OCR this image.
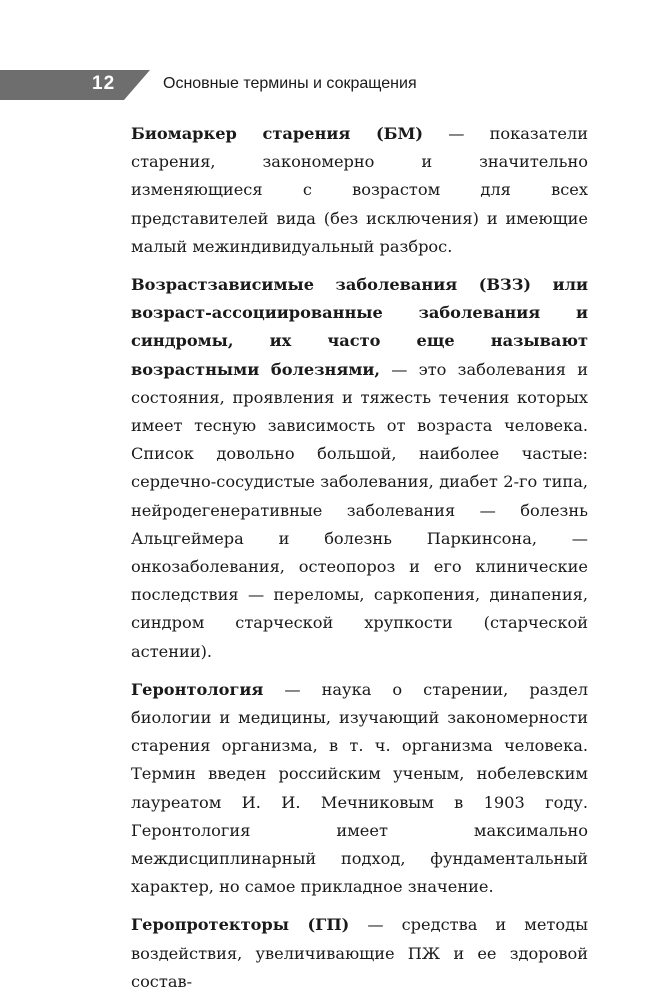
12	Основные термины и сокращения

Биомаркер старения (БМ) — показатели старения, закономерно и значительно изменяющиеся с возрастом для всех представителей вида (без исключения) и имеющие малый межиндивидуальный разброс.

Возрастзависимые заболевания (ВЗЗ) или возраст-ассоциированные заболевания и синдромы, их часто еще называют возрастными болезнями, — это заболевания и состояния, проявления и тяжесть течения которых имеет тесную зависимость от возраста человека. Список довольно большой, наиболее частые: сердечно-сосудистые заболевания, диабет 2-го типа, нейродегенеративные заболевания — болезнь Альцгеймера и болезнь Паркинсона, — онкозаболевания, остеопороз и его клинические последствия — переломы, саркопения, динапения, синдром старческой хрупкости (старческой астении).

Геронтология — наука о старении, раздел биологии и медицины, изучающий закономерности старения организма, в т. ч. организма человека. Термин введен российским ученым, нобелевским лауреатом И. И. Мечниковым в 1903 году. Геронтология имеет максимально междисциплинарный подход, фундаментальный характер, но самое прикладное значение.

Геропротекторы (ГП) — средства и методы воздействия, увеличивающие ПЖ и ее здоровой состав-
